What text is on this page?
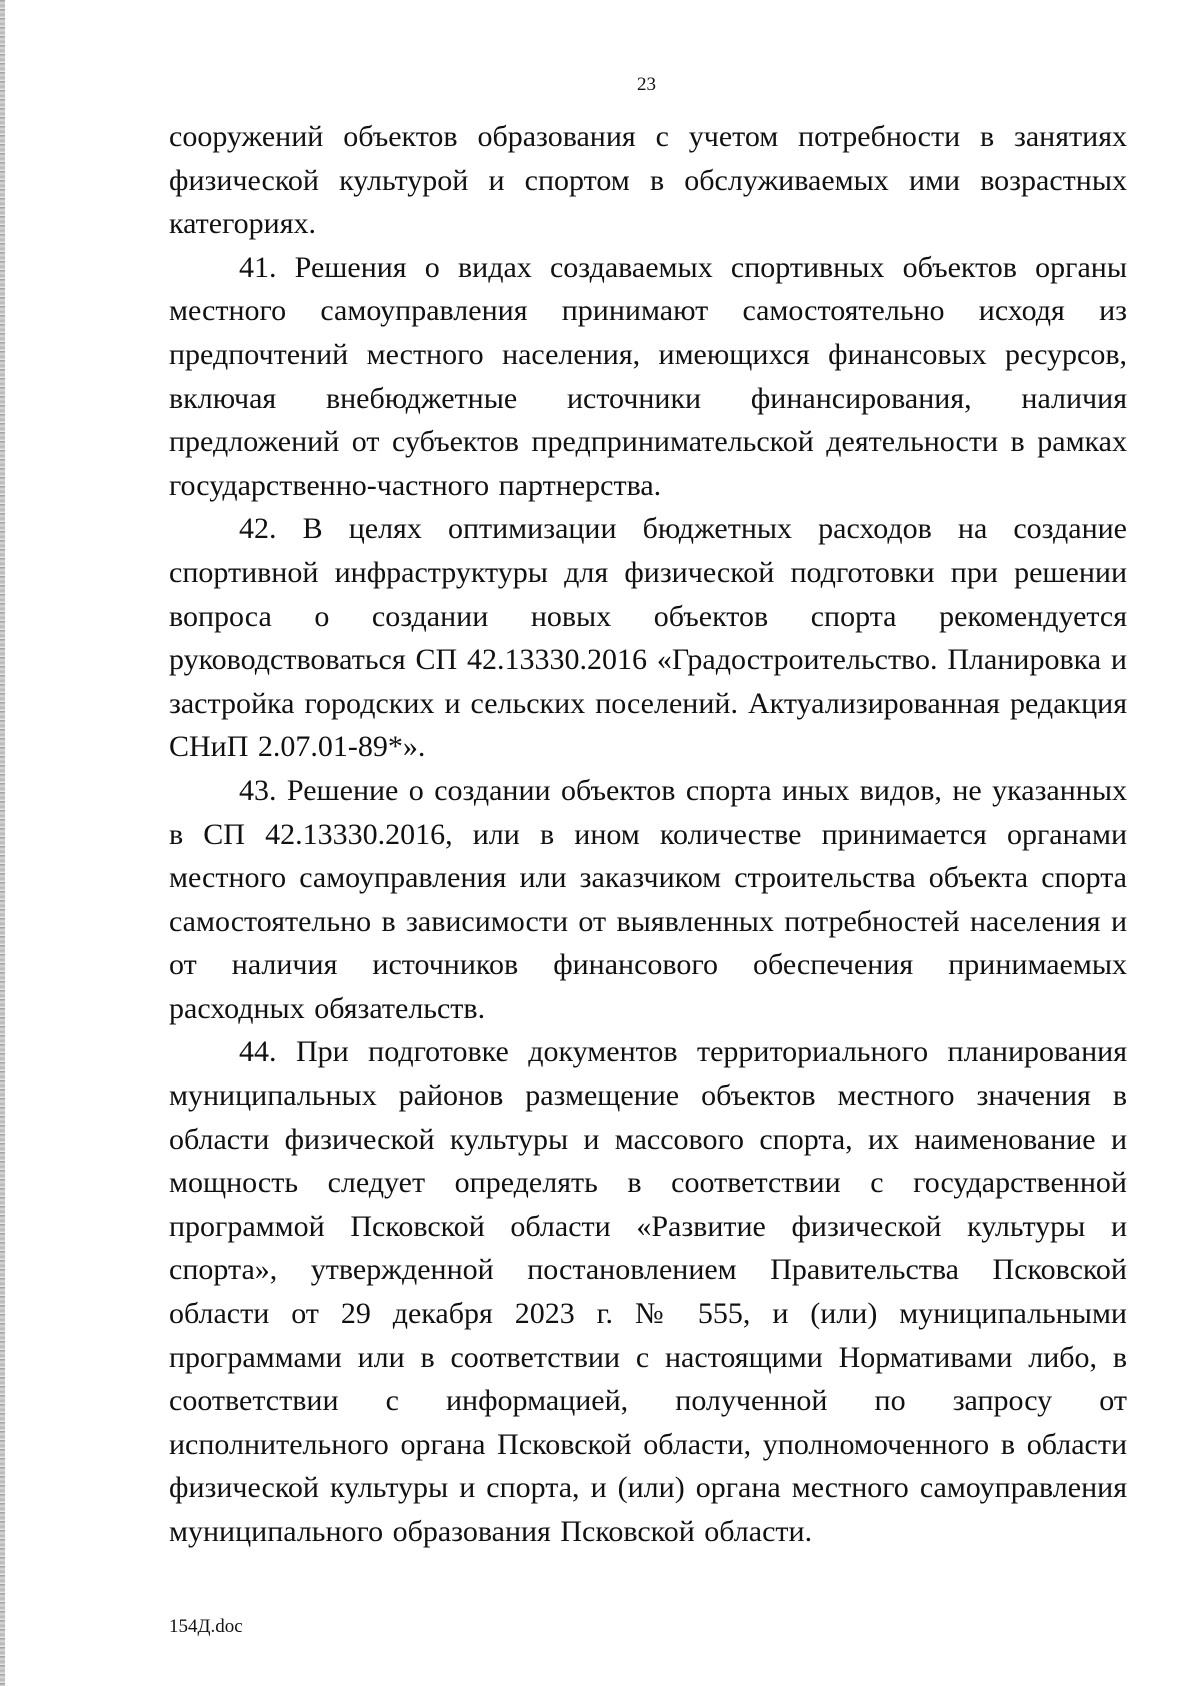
23

сооружений объектов образования с учетом потребности в занятиях физической культурой и спортом в обслуживаемых ими возрастных категориях.

41. Решения о видах создаваемых спортивных объектов органы местного самоуправления принимают самостоятельно исходя из предпочтений местного населения, имеющихся финансовых ресурсов, включая внебюджетные источники финансирования, наличия предложений от субъектов предпринимательской деятельности в рамках государственно-частного партнерства.

42. В целях оптимизации бюджетных расходов на создание спортивной инфраструктуры для физической подготовки при решении вопроса о создании новых объектов спорта рекомендуется руководствоваться СП 42.13330.2016 «Градостроительство. Планировка и застройка городских и сельских поселений. Актуализированная редакция СНиП 2.07.01-89*».

43. Решение о создании объектов спорта иных видов, не указанных в СП 42.13330.2016, или в ином количестве принимается органами местного самоуправления или заказчиком строительства объекта спорта самостоятельно в зависимости от выявленных потребностей населения и от наличия источников финансового обеспечения принимаемых расходных обязательств.

44. При подготовке документов территориального планирования муниципальных районов размещение объектов местного значения в области физической культуры и массового спорта, их наименование и мощность следует определять в соответствии с государственной программой Псковской области «Развитие физической культуры и спорта», утвержденной постановлением Правительства Псковской области от 29 декабря 2023 г. № 555, и (или) муниципальными программами или в соответствии с настоящими Нормативами либо, в соответствии с информацией, полученной по запросу от исполнительного органа Псковской области, уполномоченного в области физической культуры и спорта, и (или) органа местного самоуправления муниципального образования Псковской области.

154Д.doc
